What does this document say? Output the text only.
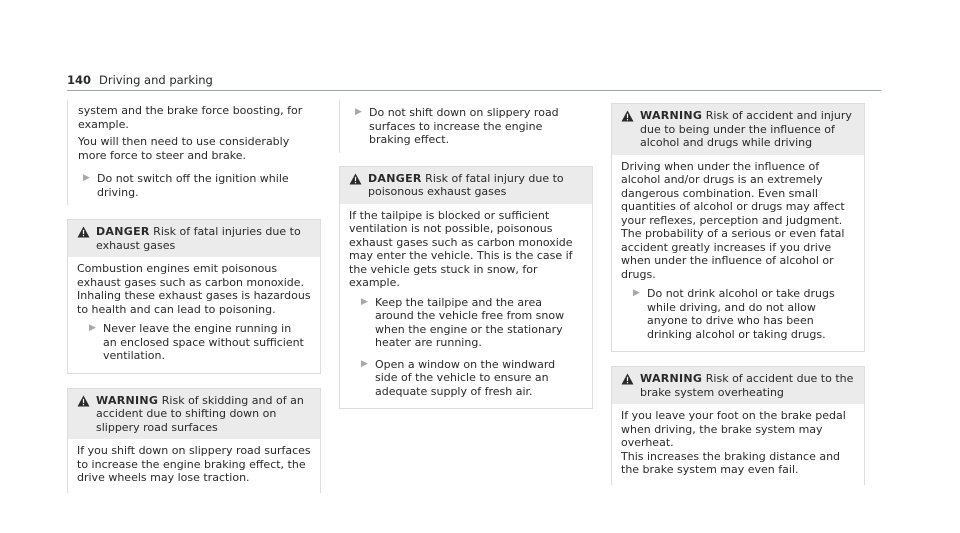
140 Driving and parking

system and the brake force boosting, for example.

You will then need to use considerably more force to steer and brake.

▶ Do not switch off the ignition while driving.
DANGER Risk of fatal injuries due to exhaust gases

Combustion engines emit poisonous exhaust gases such as carbon monoxide. Inhaling these exhaust gases is hazardous to health and can lead to poisoning.

▶ Never leave the engine running in an enclosed space without sufficient ventilation.
WARNING Risk of skidding and of an accident due to shifting down on slippery road surfaces

If you shift down on slippery road surfaces to increase the engine braking effect, the drive wheels may lose traction.

▶ Do not shift down on slippery road surfaces to increase the engine braking effect.
DANGER Risk of fatal injury due to poisonous exhaust gases

If the tailpipe is blocked or sufficient ventilation is not possible, poisonous exhaust gases such as carbon monoxide may enter the vehicle. This is the case if the vehicle gets stuck in snow, for example.

▶ Keep the tailpipe and the area around the vehicle free from snow when the engine or the stationary heater are running.
▶ Open a window on the windward side of the vehicle to ensure an adequate supply of fresh air.
WARNING Risk of accident and injury due to being under the influence of alcohol and drugs while driving

Driving when under the influence of alcohol and/or drugs is an extremely dangerous combination. Even small quantities of alcohol or drugs may affect your reflexes, perception and judgment.

The probability of a serious or even fatal accident greatly increases if you drive when under the influence of alcohol or drugs.

▶ Do not drink alcohol or take drugs while driving, and do not allow anyone to drive who has been drinking alcohol or taking drugs.
WARNING Risk of accident due to the brake system overheating

If you leave your foot on the brake pedal when driving, the brake system may overheat.

This increases the braking distance and the brake system may even fail.
